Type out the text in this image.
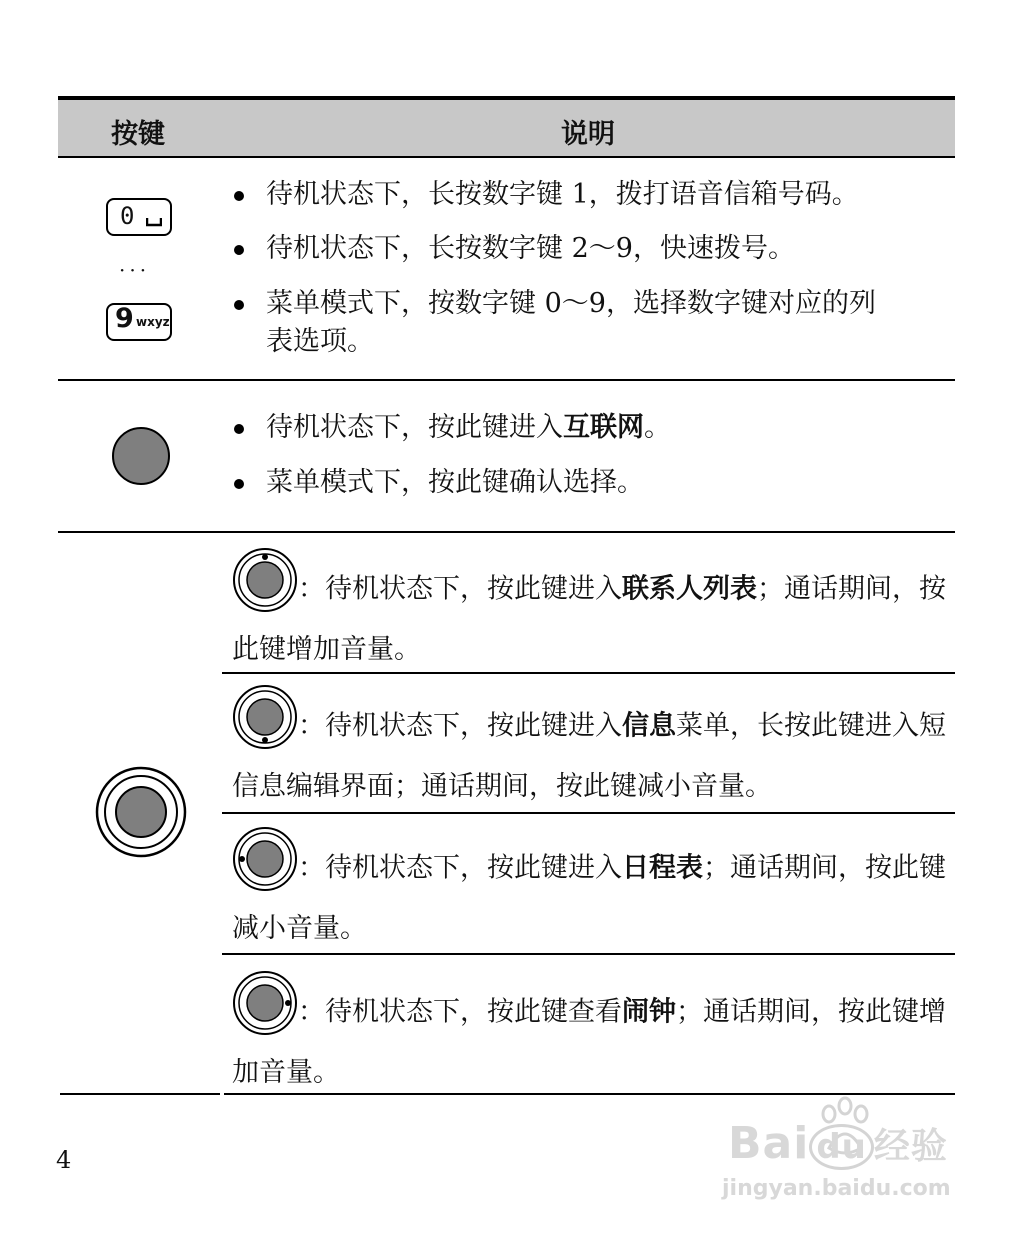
按键	说明
0
···
9 wxyz
待机状态下，长按数字键 1，拨打语音信箱号码。
待机状态下，长按数字键 2～9，快速拨号。
菜单模式下，按数字键 0～9，选择数字键对应的列
表选项。
待机状态下，按此键进入互联网。
菜单模式下，按此键确认选择。
：待机状态下，按此键进入联系人列表；通话期间，按此键增加音量。
：待机状态下，按此键进入信息菜单，长按此键进入短信息编辑界面；通话期间，按此键减小音量。
：待机状态下，按此键进入日程表；通话期间，按此键减小音量。
：待机状态下，按此键查看闹钟；通话期间，按此键增加音量。
4	Bai du 经验
jingyan.baidu.com
